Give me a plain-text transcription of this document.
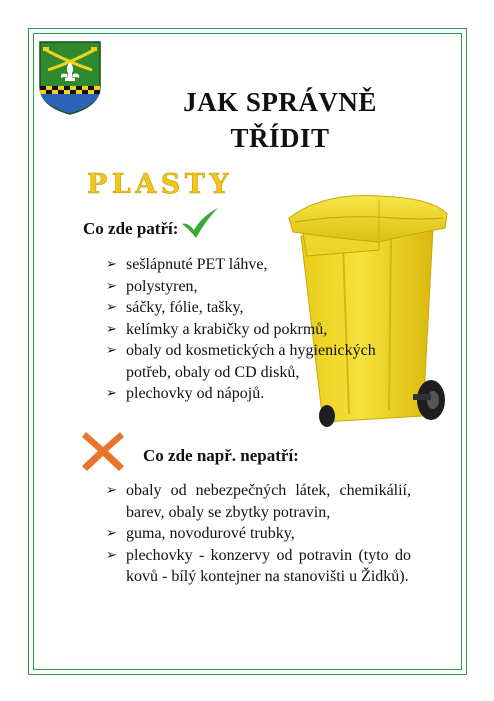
JAK SPRÁVNĚ
TŘÍDIT
PLASTY
Co zde patří:
➢ sešlápnuté PET láhve,
➢ polystyren,
➢ sáčky, fólie, tašky,
➢ kelímky a krabičky od pokrmů,
➢ obaly od kosmetických a hygienických potřeb, obaly od CD disků,
➢ plechovky od nápojů.
Co zde např. nepatří:
➢ obaly od nebezpečných látek, chemikálií, barev, obaly se zbytky potravin,
➢ guma, novodurové trubky,
➢ plechovky - konzervy od potravin (tyto do kovů - bílý kontejner na stanovišti u Židků).
